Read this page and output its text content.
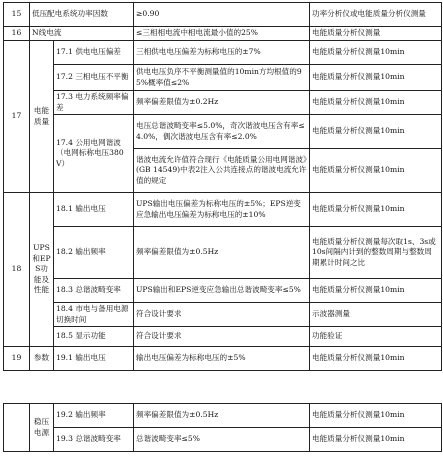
15	低压配电系统功率因数		≥0.90	功率分析仪或电能质量分析仪测量
16	N线电流		≤三相相电流中相电流最小值的25%	电能质量分析仪测量
17	电能质量	17.1 供电电压偏差	三相供电电压偏差为标称电压的±7%	电能质量分析仪测量10min
		17.2 三相电压不平衡	供电电压负序不平衡测量值的10min方均根值的95%概率值≤2%	电能质量分析仪测量10min
		17.3 电力系统频率偏差	频率偏差限值为±0.2Hz	电能质量分析仪测量10min
		17.4 公用电网谐波（电网标称电压380V）	电压总谐波畸变率≤5.0%，奇次谐波电压含有率≤4.0%，偶次谐波电压含有率≤2.0%	电能质量分析仪测量10min
			谐波电流允许值符合现行《电能质量公用电网谐波》(GB 14549)中表2注入公共连接点的谐波电流允许值的规定	电能质量分析仪测量10min

18	UPS和EPS功能及性能	18.1 输出电压	UPS输出电压偏差为标称电压的±5%；EPS逆变应急输出电压偏差为标称电压的±10%	电能质量分析仪测量10min
		18.2 输出频率	频率偏差限值为±0.5Hz	电能质量分析仪测量每次取1s、3s或10s间隔内计到的整数周期与整数周期累计时间之比
		18.3 总谐波畸变率	UPS输出和EPS逆变应急输出总谐波畸变率≤5%	电能质量分析仪测量10min
		18.4 市电与备用电源切换时间	符合设计要求	示波器测量
		18.5 显示功能	符合设计要求	功能验证
19	参数	19.1 输出电压	输出电压偏差为标称电压的±5%	电能质量分析仪测量10min
	稳压电源	19.2 输出频率	频率偏差限值为±0.5Hz	电能质量分析仪测量10min
		19.3 总谐波畸变率	总谐波畸变率≤5%	电能质量分析仪测量10min
